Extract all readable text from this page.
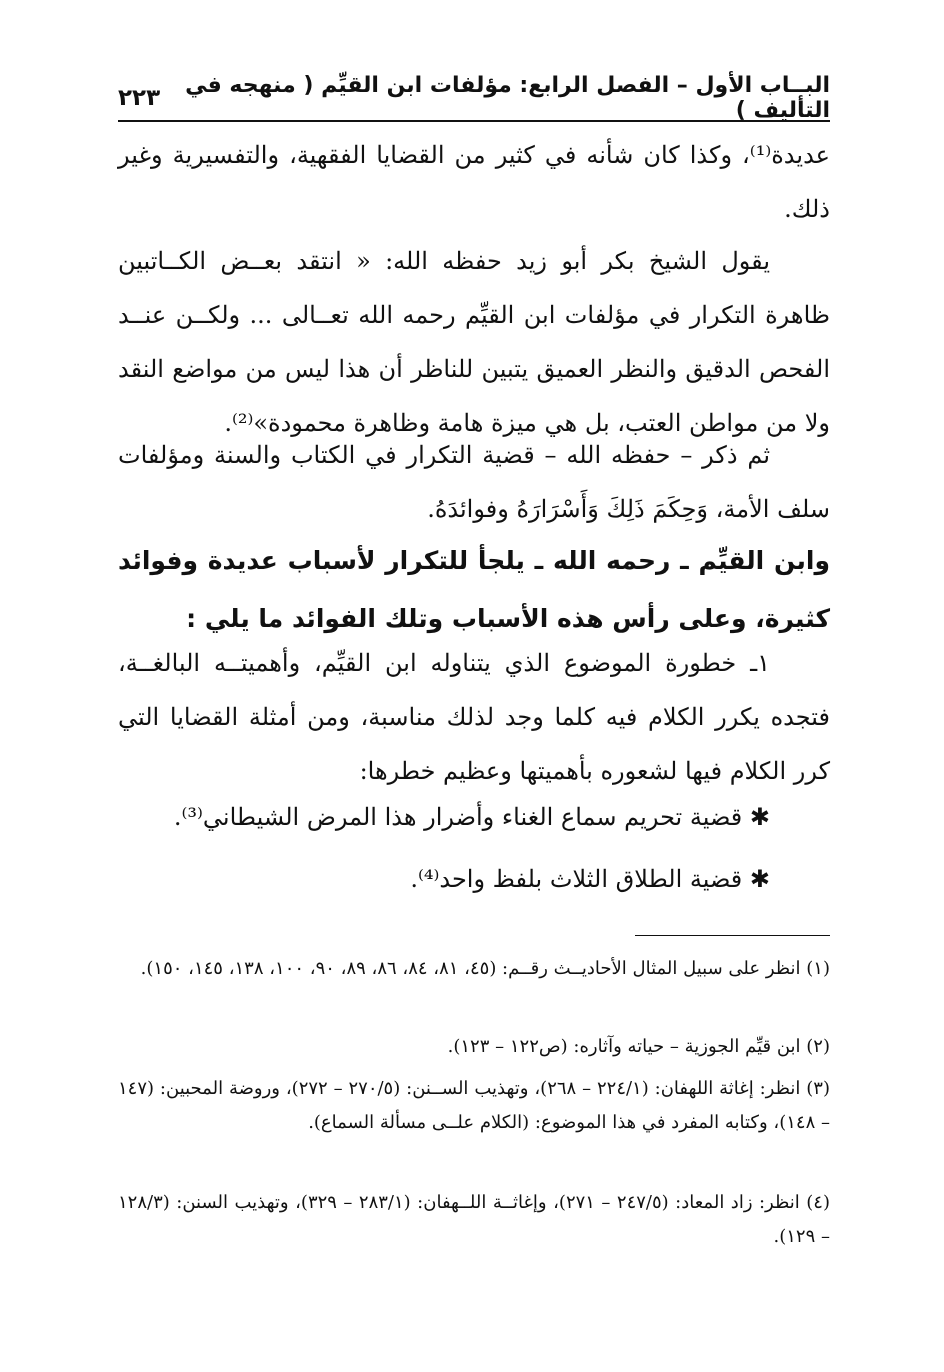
البــاب الأول – الفصل الرابع: مؤلفات ابن القيِّم ( منهجه في التأليف )
٢٢٣

عديدة⁽¹⁾، وكذا كان شأنه في كثير من القضايا الفقهية، والتفسيرية وغير ذلك.

يقول الشيخ بكر أبو زيد حفظه الله: « انتقد بعــض الكــاتبين ظاهرة التكرار في مؤلفات ابن القيِّم رحمه الله تعــالى ... ولكــن عنــد الفحص الدقيق والنظر العميق يتبين للناظر أن هذا ليس من مواضع النقد ولا من مواطن العتب، بل هي ميزة هامة وظاهرة محمودة»⁽²⁾.

ثم ذكر – حفظه الله – قضية التكرار في الكتاب والسنة ومؤلفات سلف الأمة، وَحِكَمَ ذَلِكَ وَأَسْرَارَهُ وفوائدَهُ.

وابن القيِّم ـ رحمه الله ـ يلجأ للتكرار لأسباب عديدة وفوائد كثيرة، وعلى رأس هذه الأسباب وتلك الفوائد ما يلي :

١ـ خطورة الموضوع الذي يتناوله ابن القيِّم، وأهميتــه البالغــة، فتجده يكرر الكلام فيه كلما وجد لذلك مناسبة، ومن أمثلة القضايا التي كرر الكلام فيها لشعوره بأهميتها وعظيم خطرها:

✱ قضية تحريم سماع الغناء وأضرار هذا المرض الشيطاني⁽³⁾.

✱ قضية الطلاق الثلاث بلفظ واحد⁽⁴⁾.

(١) انظر على سبيل المثال الأحاديــث رقــم: (٤٥، ٨١، ٨٤، ٨٦، ٨٩، ٩٠، ١٠٠، ١٣٨، ١٤٥، ١٥٠).

(٢) ابن قيِّم الجوزية – حياته وآثاره: (ص١٢٢ – ١٢٣).

(٣) انظر: إغاثة اللهفان: (٢٢٤/١ – ٢٦٨)، وتهذيب الســنن: (٢٧٠/٥ – ٢٧٢)، وروضة المحبين: (١٤٧ – ١٤٨)، وكتابه المفرد في هذا الموضوع: (الكلام علــى مسألة السماع).

(٤) انظر: زاد المعاد: (٢٤٧/٥ – ٢٧١)، وإغاثــة اللــهفان: (٢٨٣/١ – ٣٢٩)، وتهذيب السنن: (١٢٨/٣ – ١٢٩).
